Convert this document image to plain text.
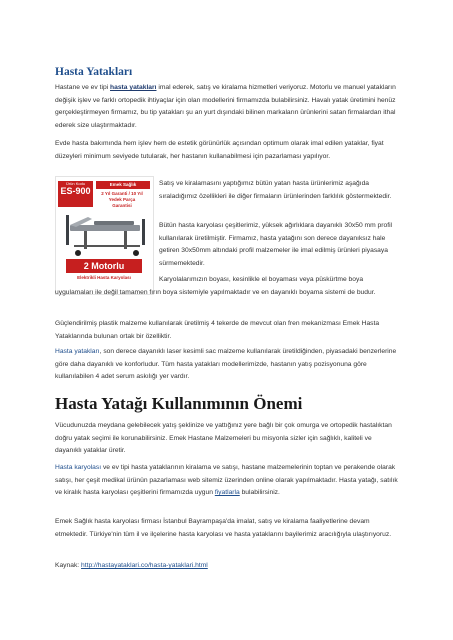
Hasta Yatakları
Hastane ve ev tipi hasta yatakları imal ederek, satış ve kiralama hizmetleri veriyoruz. Motorlu ve manuel yatakların değişik işlev ve farklı ortopedik ihtiyaçlar için olan modellerini firmamızda bulabilirsiniz. Havalı yatak üretimini henüz gerçekleştirmeyen firmamız, bu tip yatakları şu an yurt dışındaki bilinen markaların ürünlerini satan firmalardan ithal ederek size ulaştırmaktadır.
Evde hasta bakımında hem işlev hem de estetik görünürlük açısından optimum olarak imal edilen yataklar, fiyat düzeyleri minimum seviyede tutularak, her hastanın kullanabilmesi için pazarlaması yapılıyor.
Ürün Kodu
ES-900
Emek Sağlık
2 Yıl Garanti / 10 Yıl Yedek Parça Garantisi
2 Motorlu
Elektrikli Hasta Karyolası
Satış ve kiralamasını yaptığımız bütün yatan hasta ürünlerimiz aşağıda sıraladığımız özellikleri ile diğer firmaların ürünlerinden farklılık göstermektedir.
Bütün hasta karyolası çeşitlerimiz, yüksek ağırlıklara dayanıklı 30x50 mm profil kullanılarak üretilmiştir. Firmamız, hasta yatağını son derece dayanıksız hale getiren 30x50mm altındaki profil malzemeler ile imal edilmiş ürünleri piyasaya sürmemektedir.
Karyolalarımızın boyası, kesinlikle el boyaması veya püskürtme boya uygulamaları ile değil tamamen fırın boya sistemiyle yapılmaktadır ve en dayanıklı boyama sistemi de budur.
Güçlendirilmiş plastik malzeme kullanılarak üretilmiş 4 tekerde de mevcut olan fren mekanizması Emek Hasta Yataklarında bulunan ortak bir özelliktir.
Hasta yatakları, son derece dayanıklı laser kesimli sac malzeme kullanılarak üretildiğinden, piyasadaki benzerlerine göre daha dayanıklı ve konforludur. Tüm hasta yatakları modellerimizde, hastanın yatış pozisyonuna göre kullanılabilen 4 adet serum askılığı yer vardır.
Hasta Yatağı Kullanımının Önemi
Vücudunuzda meydana gelebilecek yatış şeklinize ve yattığınız yere bağlı bir çok omurga ve ortopedik hastalıktan doğru yatak seçimi ile korunabilirsiniz. Emek Hastane Malzemeleri bu misyonla sizler için sağlıklı, kaliteli ve dayanıklı yataklar üretir.
Hasta karyolası ve ev tipi hasta yataklarının kiralama ve satışı, hastane malzemelerinin toptan ve perakende olarak satışı, her çeşit medikal ürünün pazarlaması web sitemiz üzerinden online olarak yapılmaktadır. Hasta yatağı, satılık ve kiralık hasta karyolası çeşitlerini firmamızda uygun fiyatlarla bulabilirsiniz.
Emek Sağlık hasta karyolası firması İstanbul Bayrampaşa'da imalat, satış ve kiralama faaliyetlerine devam etmektedir. Türkiye'nin tüm il ve ilçelerine hasta karyolası ve hasta yataklarını bayilerimiz aracılığıyla ulaştırıyoruz.
Kaynak: http://hastayataklari.co/hasta-yataklari.html
